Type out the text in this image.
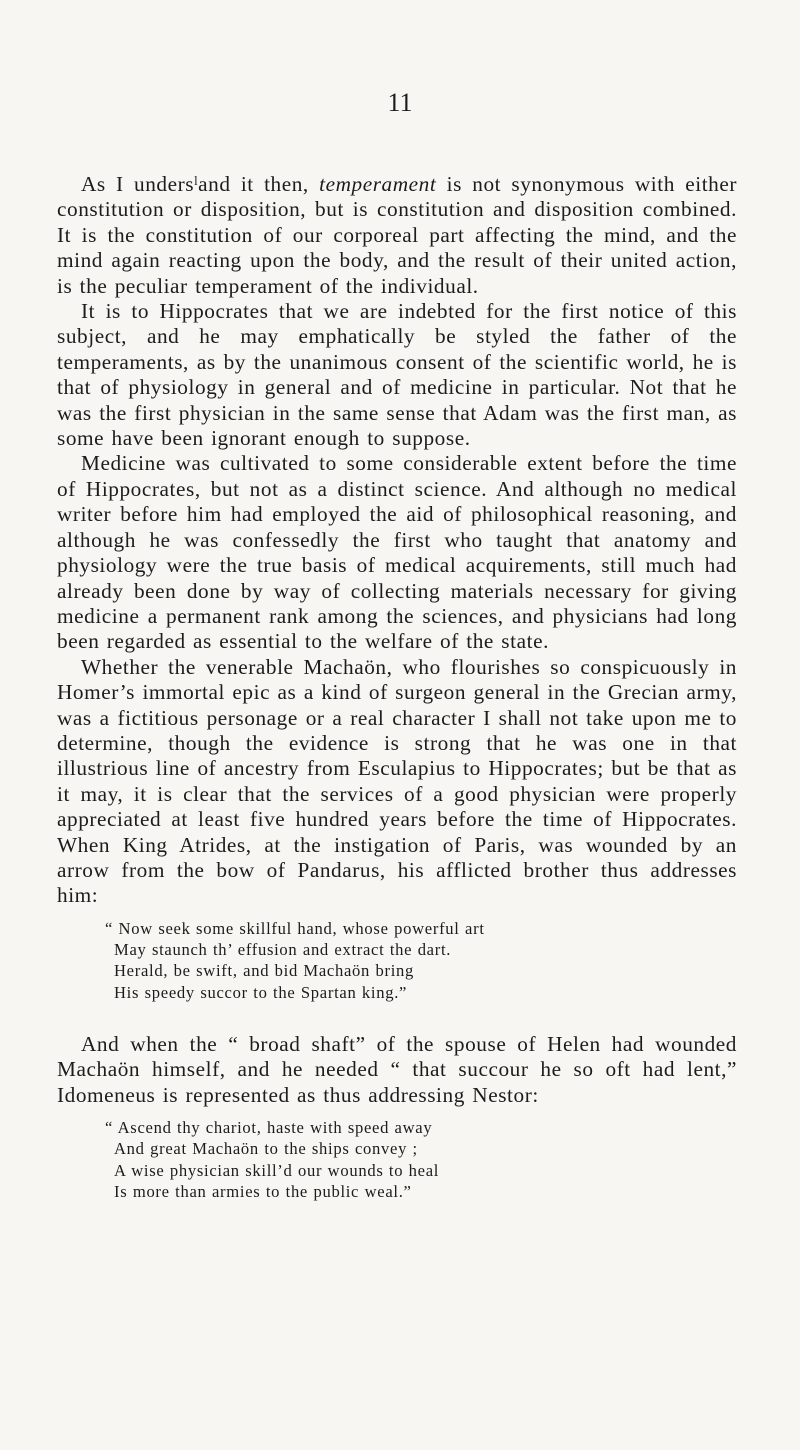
11

As I undersˡand it then, temperament is not synonymous with either constitution or disposition, but is constitution and disposition combined. It is the constitution of our corporeal part affecting the mind, and the mind again reacting upon the body, and the result of their united action, is the peculiar temperament of the individual.

It is to Hippocrates that we are indebted for the first notice of this subject, and he may emphatically be styled the father of the temperaments, as by the unanimous consent of the scientific world, he is that of physiology in general and of medicine in particular. Not that he was the first physician in the same sense that Adam was the first man, as some have been ignorant enough to suppose.

Medicine was cultivated to some considerable extent before the time of Hippocrates, but not as a distinct science. And although no medical writer before him had employed the aid of philosophical reasoning, and although he was confessedly the first who taught that anatomy and physiology were the true basis of medical acquirements, still much had already been done by way of collecting materials necessary for giving medicine a permanent rank among the sciences, and physicians had long been regarded as essential to the welfare of the state.

Whether the venerable Machaön, who flourishes so conspicuously in Homer’s immortal epic as a kind of surgeon general in the Grecian army, was a fictitious personage or a real character I shall not take upon me to determine, though the evidence is strong that he was one in that illustrious line of ancestry from Esculapius to Hippocrates; but be that as it may, it is clear that the services of a good physician were properly appreciated at least five hundred years before the time of Hippocrates. When King Atrides, at the instigation of Paris, was wounded by an arrow from the bow of Pandarus, his afflicted brother thus addresses him:

“ Now seek some skillful hand, whose powerful art
May staunch th’ effusion and extract the dart.
Herald, be swift, and bid Machaön bring
His speedy succor to the Spartan king.”

And when the “ broad shaft” of the spouse of Helen had wounded Machaön himself, and he needed “ that succour he so oft had lent,” Idomeneus is represented as thus addressing Nestor:

“ Ascend thy chariot, haste with speed away
And great Machaön to the ships convey ;
A wise physician skill’d our wounds to heal
Is more than armies to the public weal.”
